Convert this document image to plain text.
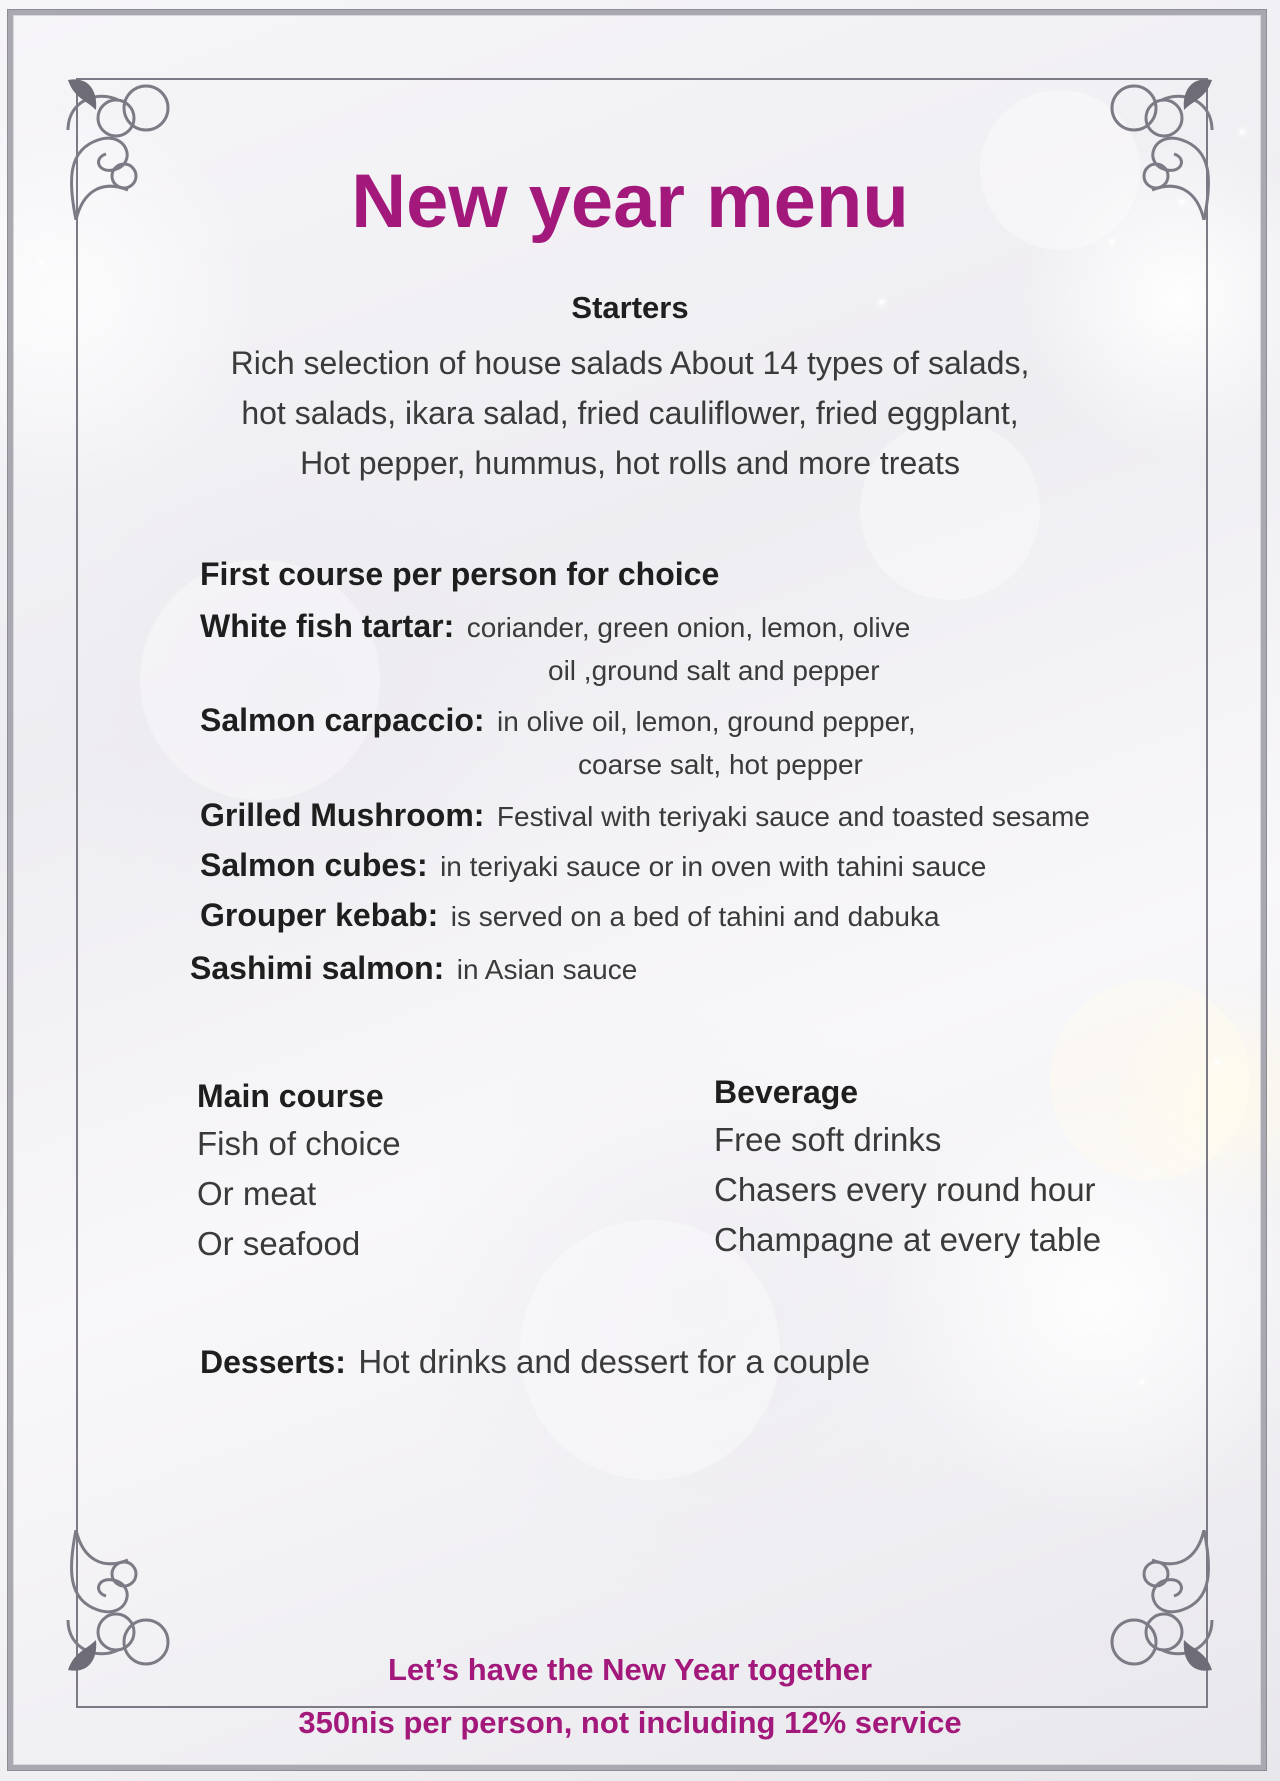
New year menu
Starters
Rich selection of house salads About 14 types of salads,
hot salads, ikara salad, fried cauliflower, fried eggplant,
Hot pepper, hummus, hot rolls and more treats
First course per person for choice
White fish tartar: coriander, green onion, lemon, olive
oil ,ground salt and pepper
Salmon carpaccio: in olive oil, lemon, ground pepper,
coarse salt, hot pepper
Grilled Mushroom: Festival with teriyaki sauce and toasted sesame
Salmon cubes: in teriyaki sauce or in oven with tahini sauce
Grouper kebab: is served on a bed of tahini and dabuka
Sashimi salmon: in Asian sauce
Main course
Fish of choice
Or meat
Or seafood
Beverage
Free soft drinks
Chasers every round hour
Champagne at every table
Desserts: Hot drinks and dessert for a couple
Let’s have the New Year together
350nis per person, not including 12% service
